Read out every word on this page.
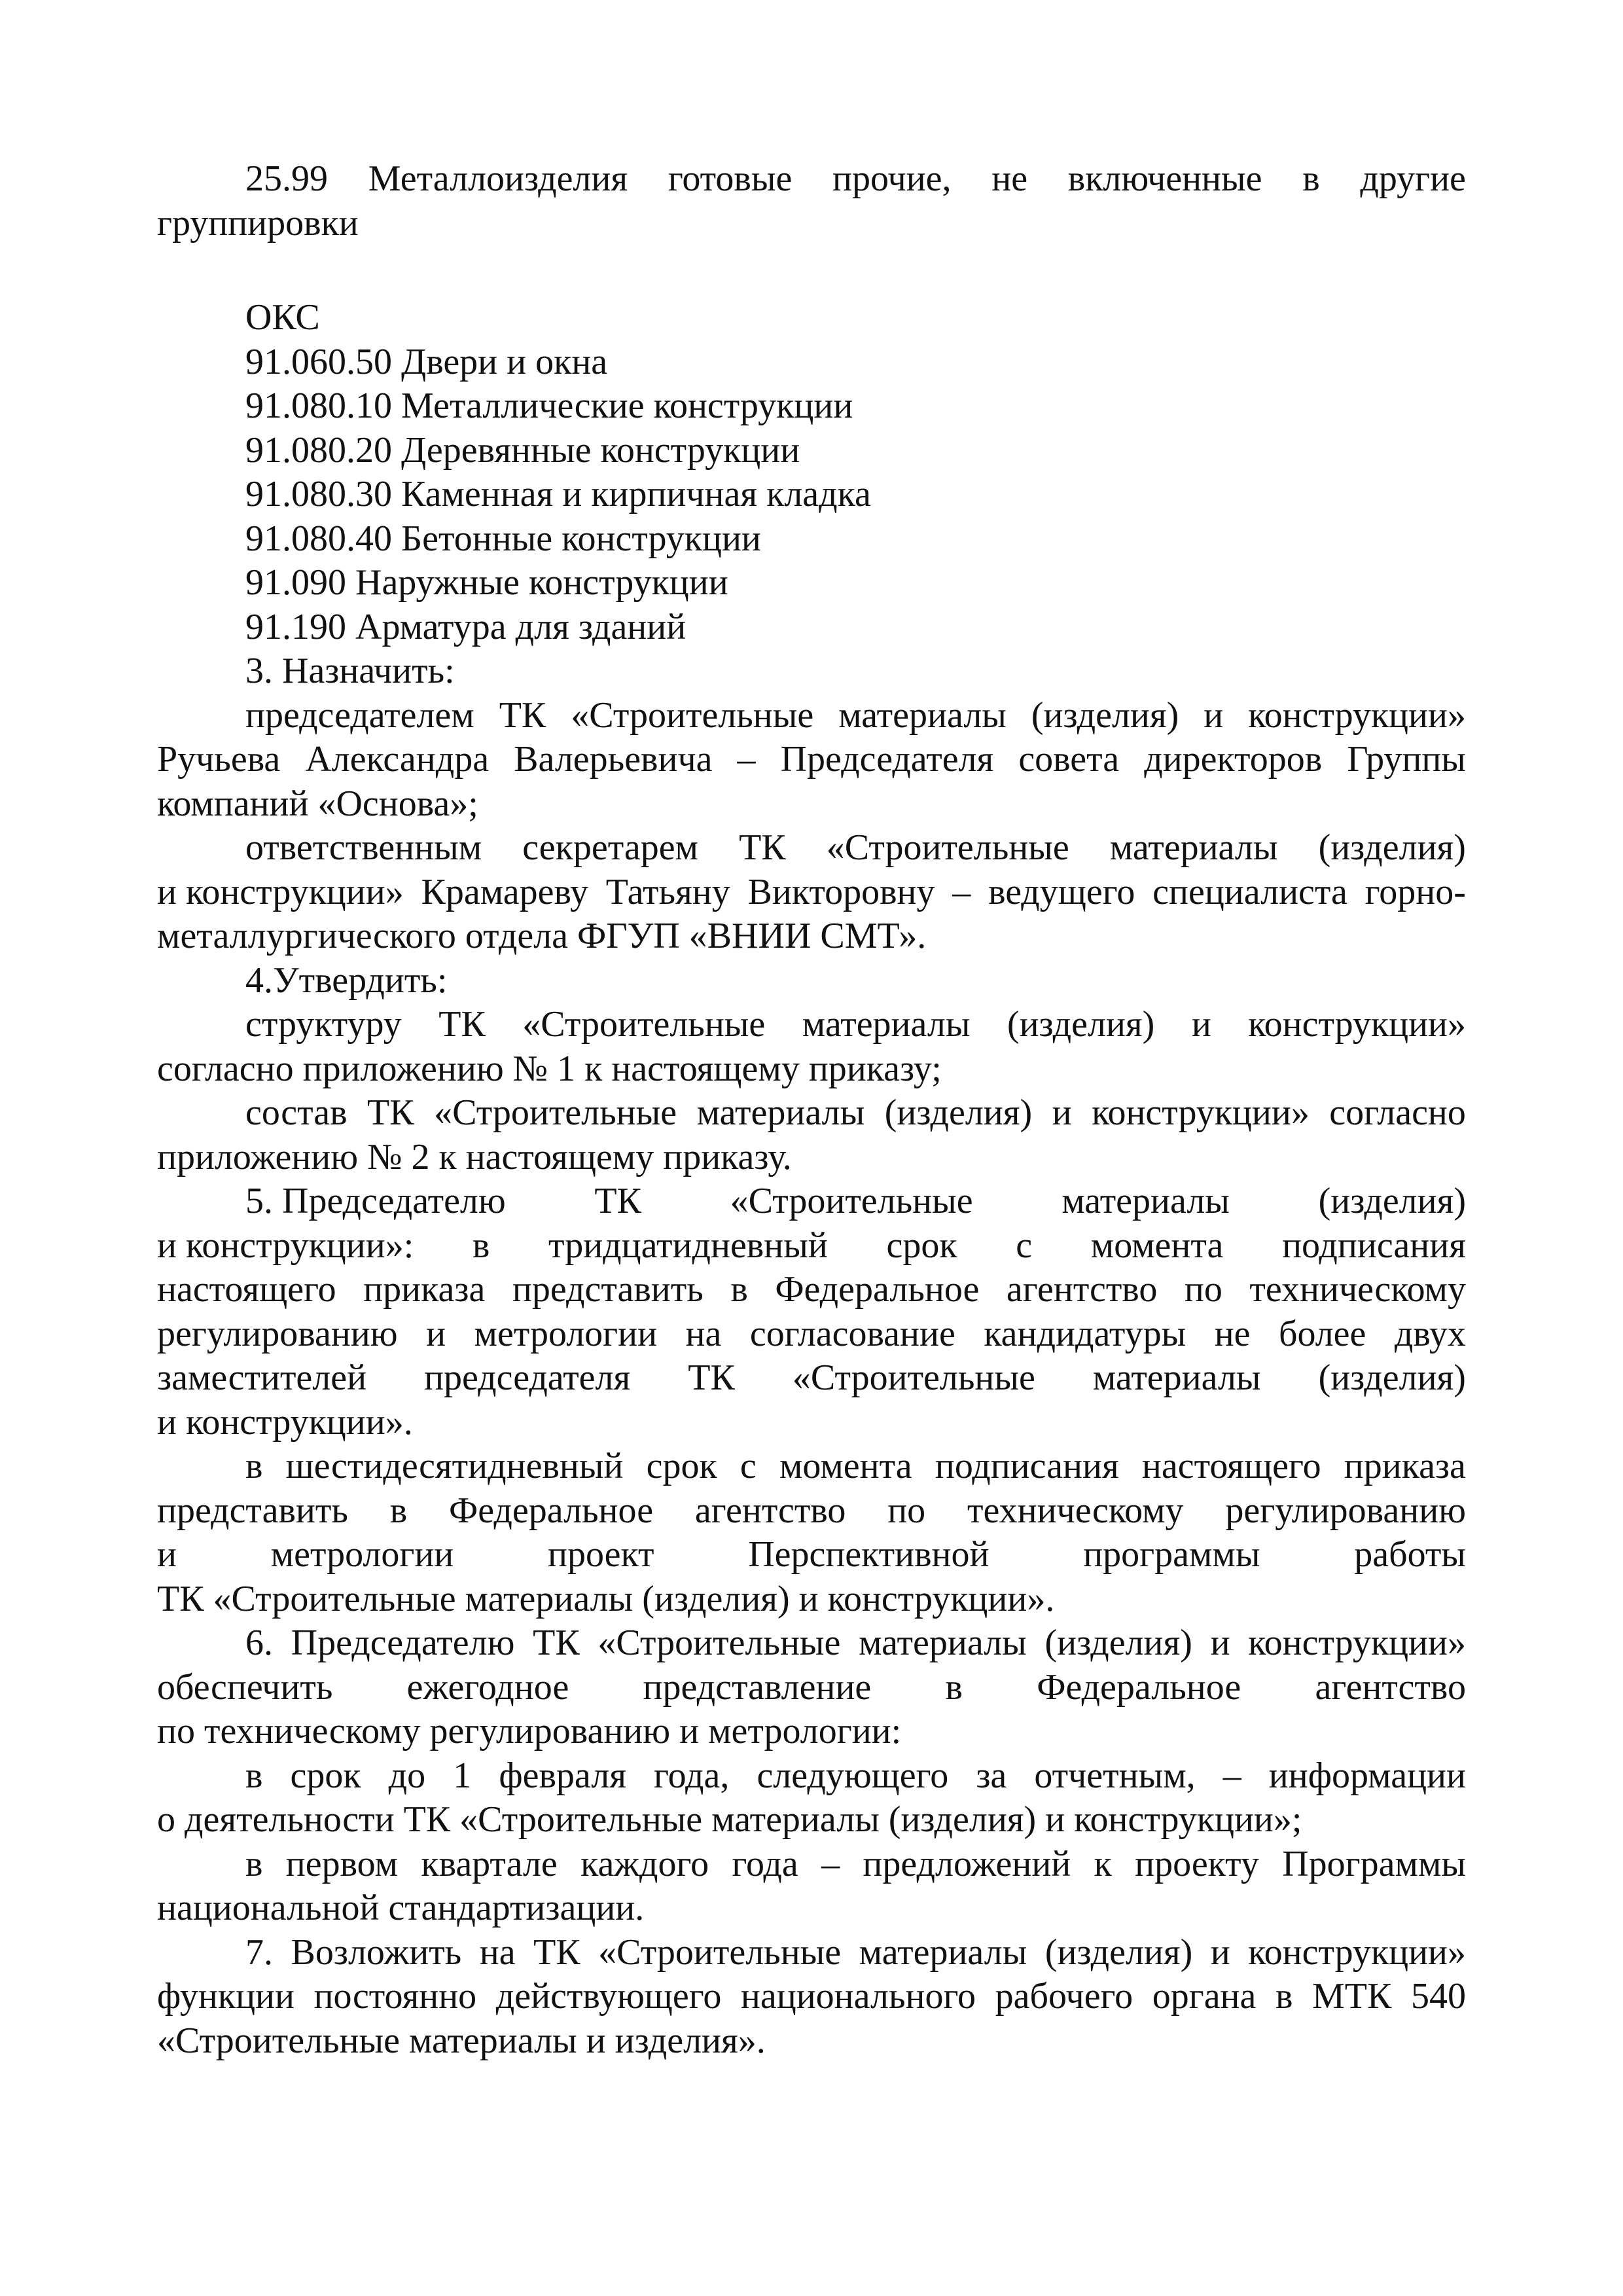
25.99 Металлоизделия готовые прочие, не включенные в другие
группировки
ОКС
91.060.50 Двери и окна
91.080.10 Металлические конструкции
91.080.20 Деревянные конструкции
91.080.30 Каменная и кирпичная кладка
91.080.40 Бетонные конструкции
91.090 Наружные конструкции
91.190 Арматура для зданий
3. Назначить:
председателем ТК «Строительные материалы (изделия) и конструкции»
Ручьева Александра Валерьевича – Председателя совета директоров Группы
компаний «Основа»;
ответственным секретарем ТК «Строительные материалы (изделия)
и конструкции» Крамареву Татьяну Викторовну – ведущего специалиста горно-
металлургического отдела ФГУП «ВНИИ СМТ».
4.Утвердить:
структуру ТК «Строительные материалы (изделия) и конструкции»
согласно приложению № 1 к настоящему приказу;
состав ТК «Строительные материалы (изделия) и конструкции» согласно
приложению № 2 к настоящему приказу.
5. Председателю ТК «Строительные материалы (изделия)
и конструкции»: в тридцатидневный срок с момента подписания
настоящего приказа представить в Федеральное агентство по техническому
регулированию и метрологии на согласование кандидатуры не более двух
заместителей председателя ТК «Строительные материалы (изделия)
и конструкции».
в шестидесятидневный срок с момента подписания настоящего приказа
представить в Федеральное агентство по техническому регулированию
и	метрологии	проект	Перспективной	программы	работы
ТК «Строительные материалы (изделия) и конструкции».
6. Председателю ТК «Строительные материалы (изделия) и конструкции»
обеспечить ежегодное представление в Федеральное агентство
по техническому регулированию и метрологии:
в срок до 1 февраля года, следующего за отчетным, – информации
о деятельности ТК «Строительные материалы (изделия) и конструкции»;
в первом квартале каждого года – предложений к проекту Программы
национальной стандартизации.
7. Возложить на ТК «Строительные материалы (изделия) и конструкции»
функции постоянно действующего национального рабочего органа в МТК 540
«Строительные материалы и изделия».
